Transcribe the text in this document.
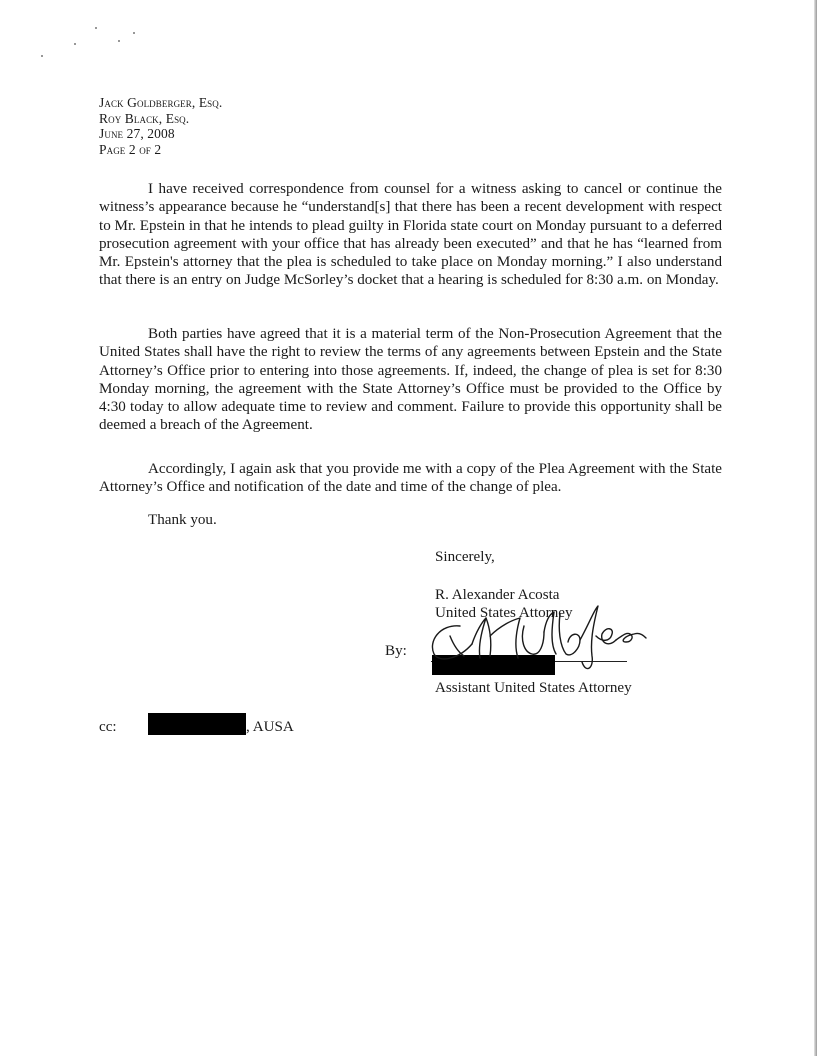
Jack Goldberger, Esq.
Roy Black, Esq.
June 27, 2008
Page 2 of 2

I have received correspondence from counsel for a witness asking to cancel or continue the witness’s appearance because he “understand[s] that there has been a recent development with respect to Mr. Epstein in that he intends to plead guilty in Florida state court on Monday pursuant to a deferred prosecution agreement with your office that has already been executed” and that he has “learned from Mr. Epstein's attorney that the plea is scheduled to take place on Monday morning.” I also understand that there is an entry on Judge McSorley’s docket that a hearing is scheduled for 8:30 a.m. on Monday.

Both parties have agreed that it is a material term of the Non-Prosecution Agreement that the United States shall have the right to review the terms of any agreements between Epstein and the State Attorney’s Office prior to entering into those agreements. If, indeed, the change of plea is set for 8:30 Monday morning, the agreement with the State Attorney’s Office must be provided to the Office by 4:30 today to allow adequate time to review and comment. Failure to provide this opportunity shall be deemed a breach of the Agreement.

Accordingly, I again ask that you provide me with a copy of the Plea Agreement with the State Attorney’s Office and notification of the date and time of the change of plea.

Thank you.
Sincerely,
R. Alexander Acosta
United States Attorney
By:
Assistant United States Attorney
cc:	, AUSA
